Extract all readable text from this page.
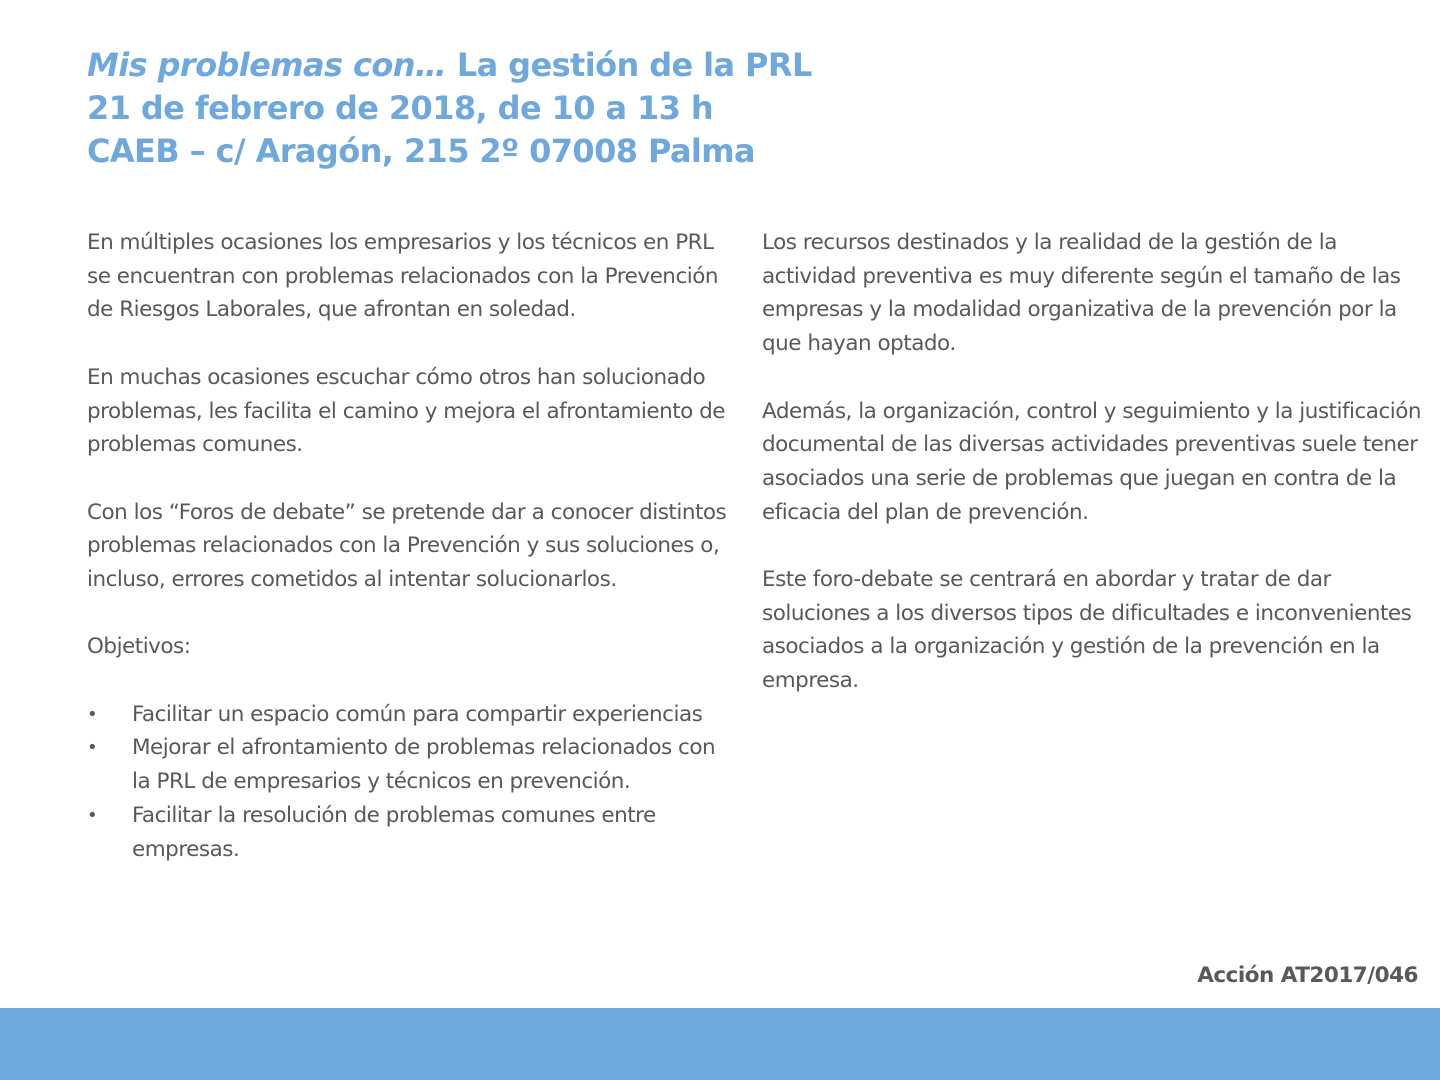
Mis problemas con… La gestión de la PRL
21 de febrero de 2018, de 10 a 13 h
CAEB – c/ Aragón, 215 2º 07008 Palma

En múltiples ocasiones los empresarios y los técnicos en PRL se encuentran con problemas relacionados con la Prevención de Riesgos Laborales, que afrontan en soledad.

En muchas ocasiones escuchar cómo otros han solucionado problemas, les facilita el camino y mejora el afrontamiento de problemas comunes.

Con los “Foros de debate” se pretende dar a conocer distintos problemas relacionados con la Prevención y sus soluciones o, incluso, errores cometidos al intentar solucionarlos.

Objetivos:

•	Facilitar un espacio común para compartir experiencias
•	Mejorar el afrontamiento de problemas relacionados con la PRL de empresarios y técnicos en prevención.
•	Facilitar la resolución de problemas comunes entre empresas.

Los recursos destinados y la realidad de la gestión de la actividad preventiva es muy diferente según el tamaño de las empresas y la modalidad organizativa de la prevención por la que hayan optado.

Además, la organización, control y seguimiento y la justificación documental de las diversas actividades preventivas suele tener asociados una serie de problemas que juegan en contra de la eficacia del plan de prevención.

Este foro-debate se centrará en abordar y tratar de dar soluciones a los diversos tipos de dificultades e inconvenientes asociados a la organización y gestión de la prevención en la empresa.

Acción AT2017/046
